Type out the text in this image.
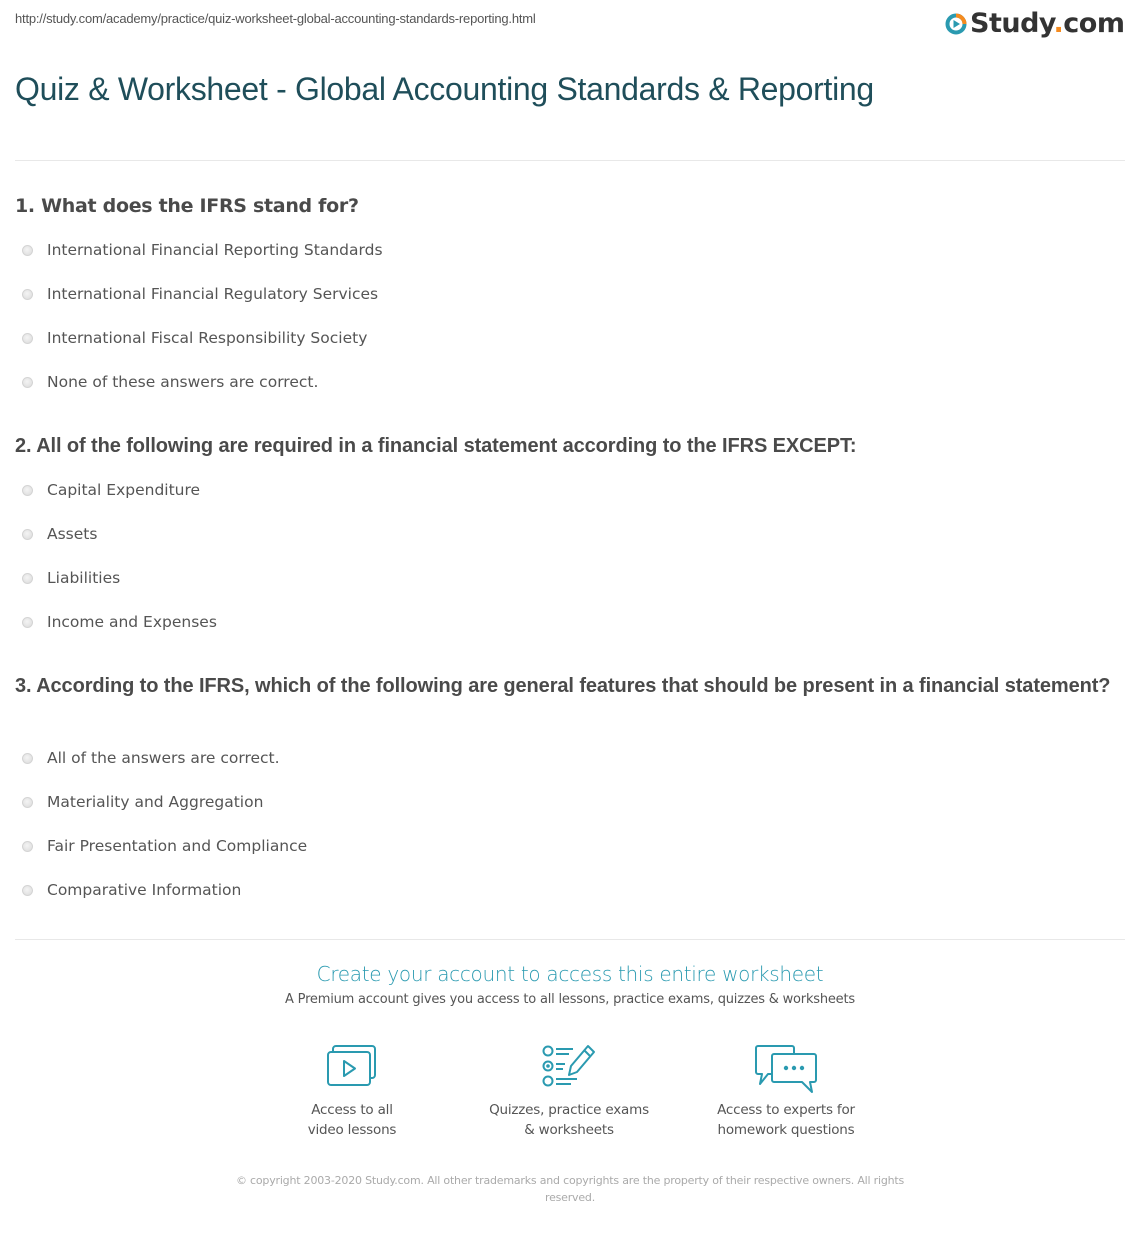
http://study.com/academy/practice/quiz-worksheet-global-accounting-standards-reporting.html	Study.com
Quiz & Worksheet - Global Accounting Standards & Reporting
1. What does the IFRS stand for?
International Financial Reporting Standards
International Financial Regulatory Services
International Fiscal Responsibility Society
None of these answers are correct.
2. All of the following are required in a financial statement according to the IFRS EXCEPT:
Capital Expenditure
Assets
Liabilities
Income and Expenses
3. According to the IFRS, which of the following are general features that should be present in a financial statement?
All of the answers are correct.
Materiality and Aggregation
Fair Presentation and Compliance
Comparative Information
Create your account to access this entire worksheet
A Premium account gives you access to all lessons, practice exams, quizzes & worksheets
Access to all
video lessons
Quizzes, practice exams
& worksheets
Access to experts for
homework questions
© copyright 2003-2020 Study.com. All other trademarks and copyrights are the property of their respective owners. All rights reserved.
